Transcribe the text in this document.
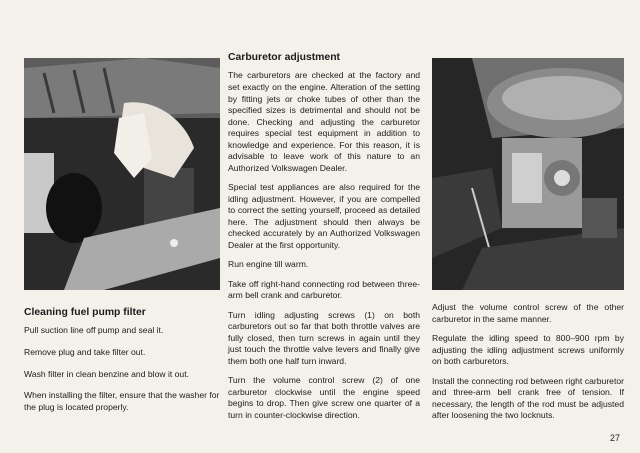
Cleaning fuel pump filter

Pull suction line off pump and seal it.

Remove plug and take filter out.

Wash filter in clean benzine and blow it out.

When installing the filter, ensure that the washer for the plug is located properly.

Carburetor adjustment

The carburetors are checked at the factory and set exactly on the engine. Alteration of the setting by fitting jets or choke tubes of other than the specified sizes is detrimental and should not be done. Checking and adjusting the carburetor requires special test equipment in addition to knowledge and experience. For this reason, it is advisable to leave work of this nature to an Authorized Volkswagen Dealer.

Special test appliances are also required for the idling adjustment. However, if you are compelled to correct the setting yourself, proceed as detailed here. The adjustment should then always be checked accurately by an Authorized Volkswagen Dealer at the first opportunity.

Run engine till warm.

Take off right-hand connecting rod between three-arm bell crank and carburetor.

Turn idling adjusting screws (1) on both carburetors out so far that both throttle valves are fully closed, then turn screws in again until they just touch the throttle valve levers and finally give them both one half turn inward.

Turn the volume control screw (2) of one carburetor clockwise until the engine speed begins to drop. Then give screw one quarter of a turn in counter-clockwise direction.

Adjust the volume control screw of the other carburetor in the same manner.

Regulate the idling speed to 800–900 rpm by adjusting the idling adjustment screws uniformly on both carburetors.

Install the connecting rod between right carburetor and three-arm bell crank free of tension. If necessary, the length of the rod must be adjusted after loosening the two locknuts.

27
